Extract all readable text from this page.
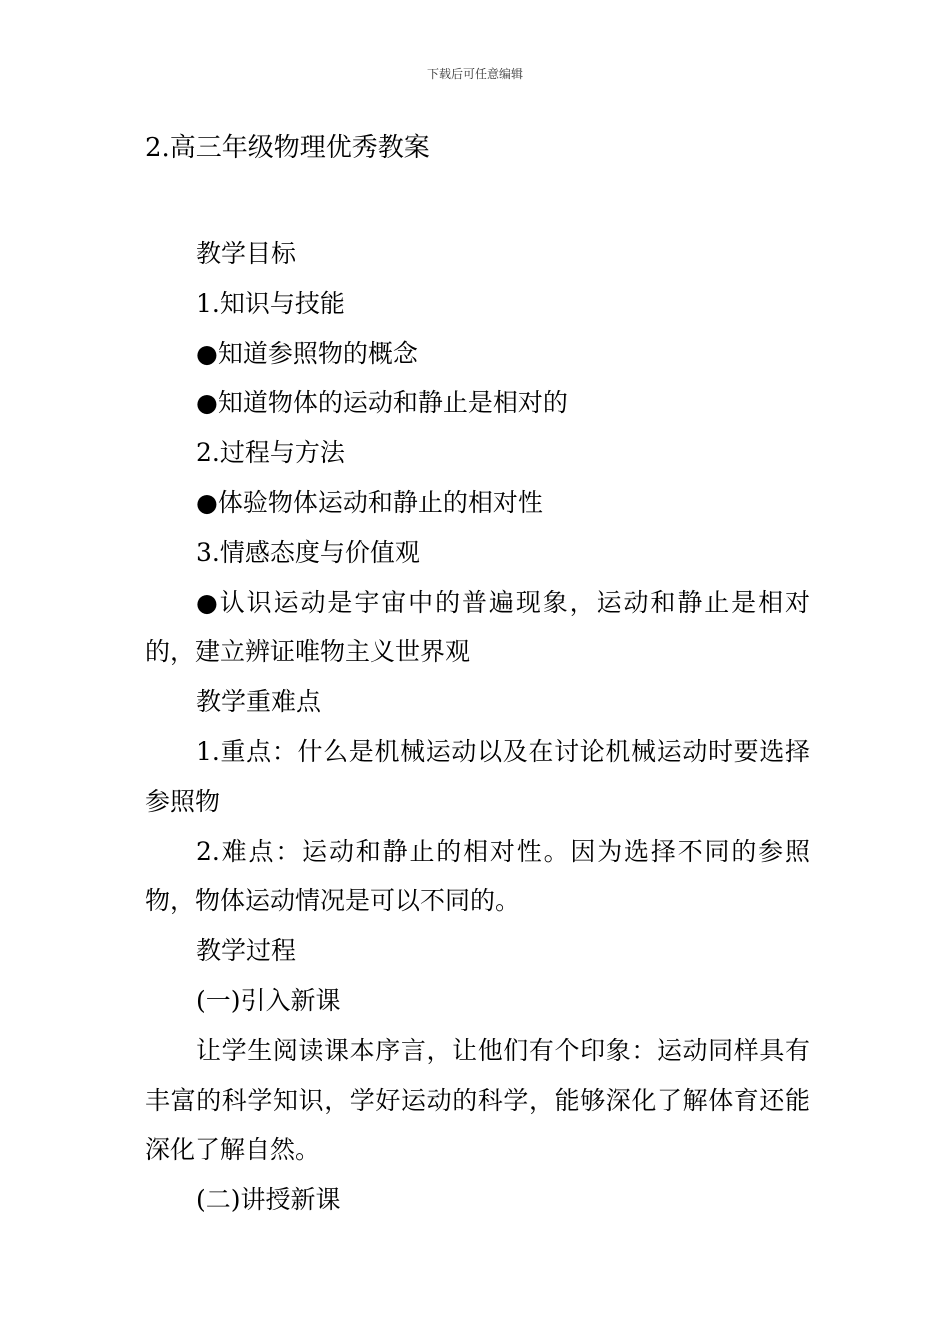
下载后可任意编辑
2.高三年级物理优秀教案

教学目标

1.知识与技能

●知道参照物的概念

●知道物体的运动和静止是相对的

2.过程与方法

●体验物体运动和静止的相对性

3.情感态度与价值观

●认识运动是宇宙中的普遍现象，运动和静止是相对的，建立辨证唯物主义世界观

教学重难点

1.重点：什么是机械运动以及在讨论机械运动时要选择参照物

2.难点：运动和静止的相对性。因为选择不同的参照物，物体运动情况是可以不同的。

教学过程

(一)引入新课

让学生阅读课本序言，让他们有个印象：运动同样具有丰富的科学知识，学好运动的科学，能够深化了解体育还能深化了解自然。

(二)讲授新课
